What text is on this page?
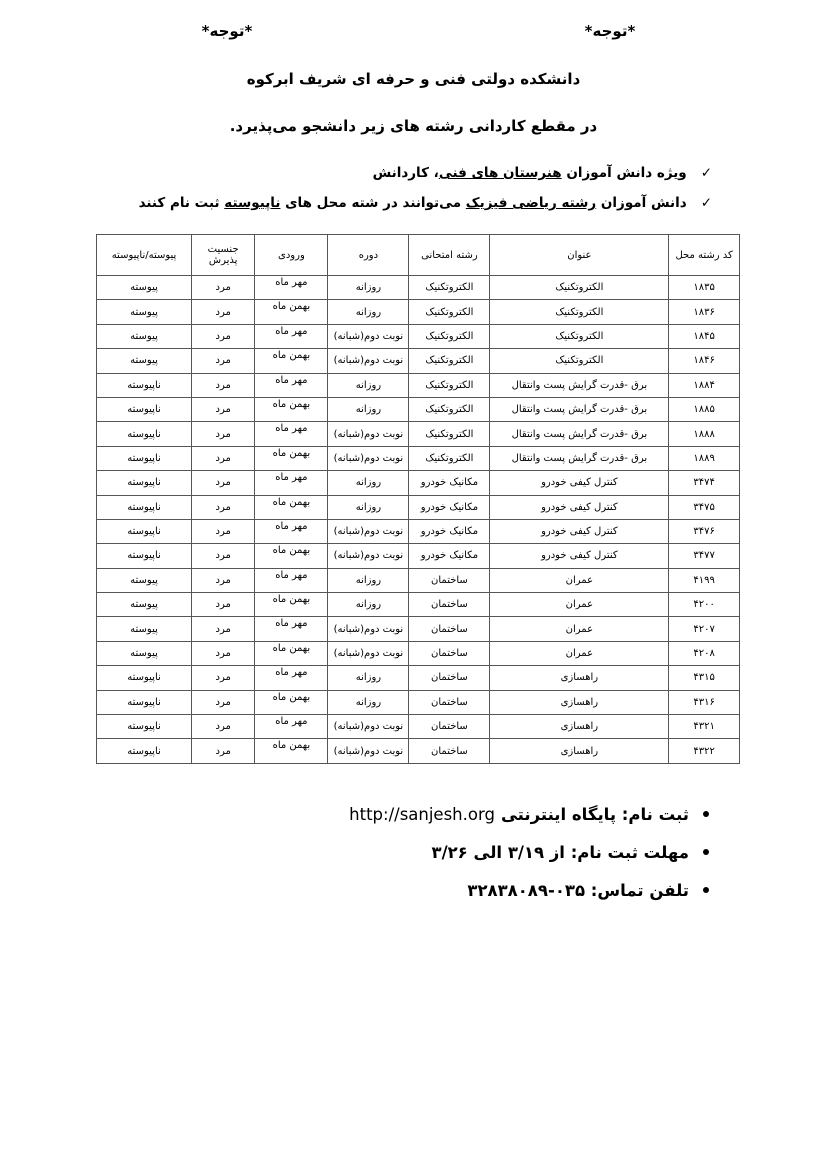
*توجه*
*توجه*
دانشکده دولتی فنی و حرفه ای شریف ابرکوه
در مقطع کاردانی رشته های زیر دانشجو می‌پذیرد.
✓ویژه دانش آموزان هنرستان های فنی، کاردانش
✓دانش آموزان رشته ریاضی فیزیک می‌توانند در شته محل های ناپیوسته ثبت نام کنند
کد رشته محل	عنوان	رشته امتحانی	دوره	ورودی	جنسیت پذیرش	پیوسته/ناپیوسته
۱۸۳۵	الکتروتکنیک	الکتروتکنیک	روزانه	مهر ماه	مرد	پیوسته
۱۸۳۶	الکتروتکنیک	الکتروتکنیک	روزانه	بهمن ماه	مرد	پیوسته
۱۸۴۵	الکتروتکنیک	الکتروتکنیک	نوبت دوم(شبانه)	مهر ماه	مرد	پیوسته
۱۸۴۶	الکتروتکنیک	الکتروتکنیک	نوبت دوم(شبانه)	بهمن ماه	مرد	پیوسته
۱۸۸۴	برق -قدرت گرایش پست وانتقال	الکتروتکنیک	روزانه	مهر ماه	مرد	ناپیوسته
۱۸۸۵	برق -قدرت گرایش پست وانتقال	الکتروتکنیک	روزانه	بهمن ماه	مرد	ناپیوسته
۱۸۸۸	برق -قدرت گرایش پست وانتقال	الکتروتکنیک	نوبت دوم(شبانه)	مهر ماه	مرد	ناپیوسته
۱۸۸۹	برق -قدرت گرایش پست وانتقال	الکتروتکنیک	نوبت دوم(شبانه)	بهمن ماه	مرد	ناپیوسته
۳۴۷۴	کنترل کیفی خودرو	مکانیک خودرو	روزانه	مهر ماه	مرد	ناپیوسته
۳۴۷۵	کنترل کیفی خودرو	مکانیک خودرو	روزانه	بهمن ماه	مرد	ناپیوسته
۳۴۷۶	کنترل کیفی خودرو	مکانیک خودرو	نوبت دوم(شبانه)	مهر ماه	مرد	ناپیوسته
۳۴۷۷	کنترل کیفی خودرو	مکانیک خودرو	نوبت دوم(شبانه)	بهمن ماه	مرد	ناپیوسته
۴۱۹۹	عمران	ساختمان	روزانه	مهر ماه	مرد	پیوسته
۴۲۰۰	عمران	ساختمان	روزانه	بهمن ماه	مرد	پیوسته
۴۲۰۷	عمران	ساختمان	نوبت دوم(شبانه)	مهر ماه	مرد	پیوسته
۴۲۰۸	عمران	ساختمان	نوبت دوم(شبانه)	بهمن ماه	مرد	پیوسته
۴۳۱۵	راهسازی	ساختمان	روزانه	مهر ماه	مرد	ناپیوسته
۴۳۱۶	راهسازی	ساختمان	روزانه	بهمن ماه	مرد	ناپیوسته
۴۳۲۱	راهسازی	ساختمان	نوبت دوم(شبانه)	مهر ماه	مرد	ناپیوسته
۴۳۲۲	راهسازی	ساختمان	نوبت دوم(شبانه)	بهمن ماه	مرد	ناپیوسته
ثبت نام: پایگاه اینترنتی
http://sanjesh.org
مهلت ثبت نام: از ۳/۱۹ الی ۳/۲۶
تلفن تماس: ۰۳۵-۳۲۸۳۸۰۸۹
